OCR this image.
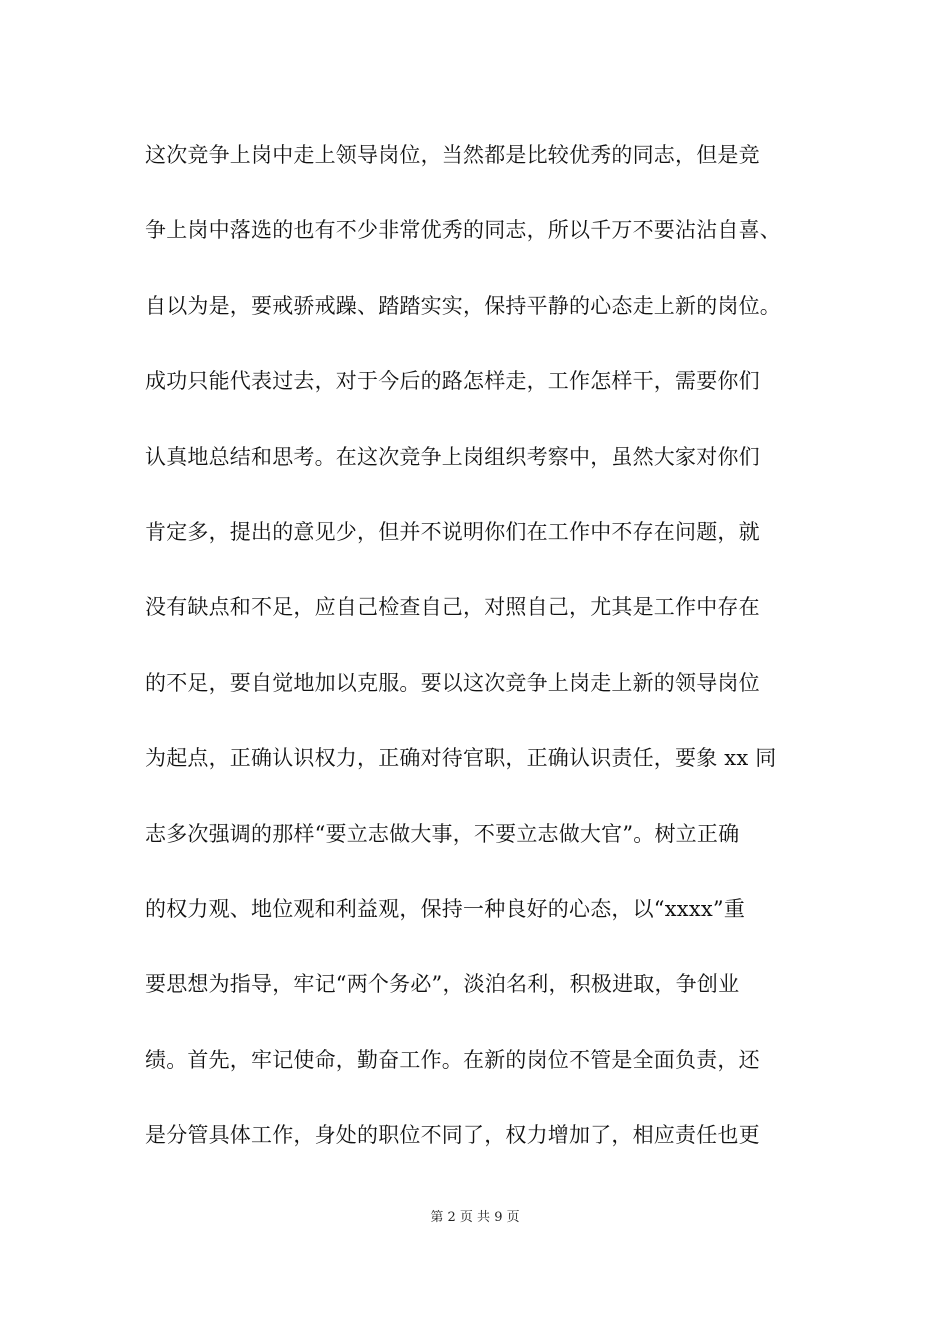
这次竞争上岗中走上领导岗位，当然都是比较优秀的同志，但是竞
争上岗中落选的也有不少非常优秀的同志，所以千万不要沾沾自喜、
自以为是，要戒骄戒躁、踏踏实实，保持平静的心态走上新的岗位。
成功只能代表过去，对于今后的路怎样走，工作怎样干，需要你们
认真地总结和思考。在这次竞争上岗组织考察中，虽然大家对你们
肯定多，提出的意见少，但并不说明你们在工作中不存在问题，就
没有缺点和不足，应自己检查自己，对照自己，尤其是工作中存在
的不足，要自觉地加以克服。要以这次竞争上岗走上新的领导岗位
为起点，正确认识权力，正确对待官职，正确认识责任，要象 xx 同
志多次强调的那样“要立志做大事，不要立志做大官”。树立正确
的权力观、地位观和利益观，保持一种良好的心态，以“xxxx”重
要思想为指导，牢记“两个务必”，淡泊名利，积极进取，争创业
绩。首先，牢记使命，勤奋工作。在新的岗位不管是全面负责，还
是分管具体工作，身处的职位不同了，权力增加了，相应责任也更
第 2 页 共 9 页
